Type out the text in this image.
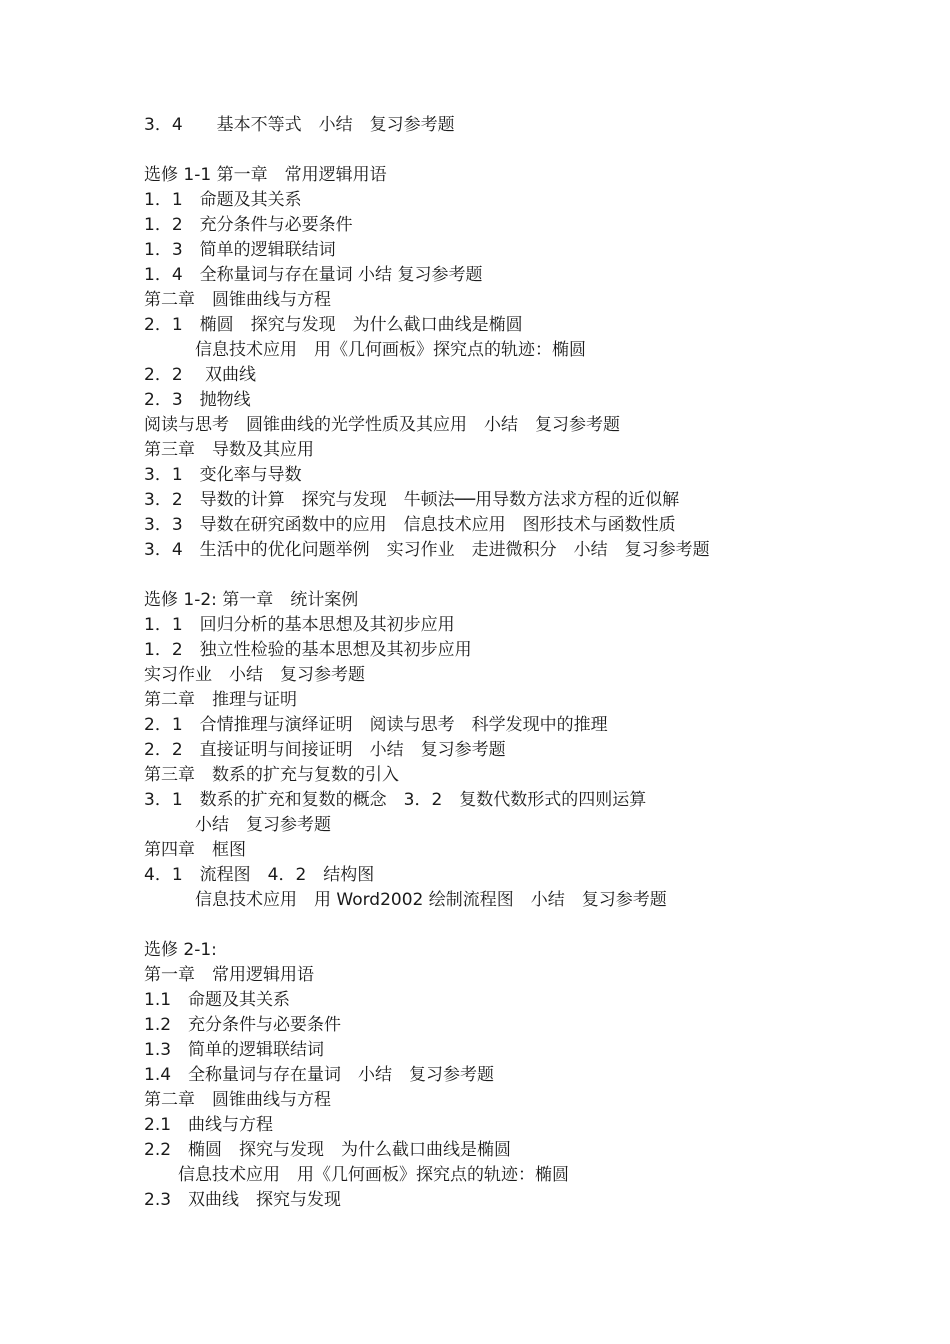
3．4　　基本不等式　小结　复习参考题
选修 1-1 第一章　常用逻辑用语
1．1　命题及其关系
1．2　充分条件与必要条件
1．3　简单的逻辑联结词
1．4　全称量词与存在量词 小结 复习参考题
第二章　圆锥曲线与方程
2．1　椭圆　探究与发现　为什么截口曲线是椭圆
　　　信息技术应用　用《几何画板》探究点的轨迹：椭圆
2．2　 双曲线
2．3　抛物线
阅读与思考　圆锥曲线的光学性质及其应用　小结　复习参考题
第三章　导数及其应用
3．1　变化率与导数
3．2　导数的计算　探究与发现　牛顿法──用导数方法求方程的近似解
3．3　导数在研究函数中的应用　信息技术应用　图形技术与函数性质
3．4　生活中的优化问题举例　实习作业　走进微积分　小结　复习参考题
选修 1-2: 第一章　统计案例
1．1　回归分析的基本思想及其初步应用
1．2　独立性检验的基本思想及其初步应用
实习作业　小结　复习参考题
第二章　推理与证明
2．1　合情推理与演绎证明　阅读与思考　科学发现中的推理
2．2　直接证明与间接证明　小结　复习参考题
第三章　数系的扩充与复数的引入
3．1　数系的扩充和复数的概念　3．2　复数代数形式的四则运算
　　　小结　复习参考题
第四章　框图
4．1　流程图　4．2　结构图
　　　信息技术应用　用 Word2002 绘制流程图　小结　复习参考题
选修 2-1:
第一章　常用逻辑用语
1.1　命题及其关系
1.2　充分条件与必要条件
1.3　简单的逻辑联结词
1.4　全称量词与存在量词　小结　复习参考题
第二章　圆锥曲线与方程
2.1　曲线与方程
2.2　椭圆　探究与发现　为什么截口曲线是椭圆
　　信息技术应用　用《几何画板》探究点的轨迹：椭圆
2.3　双曲线　探究与发现
